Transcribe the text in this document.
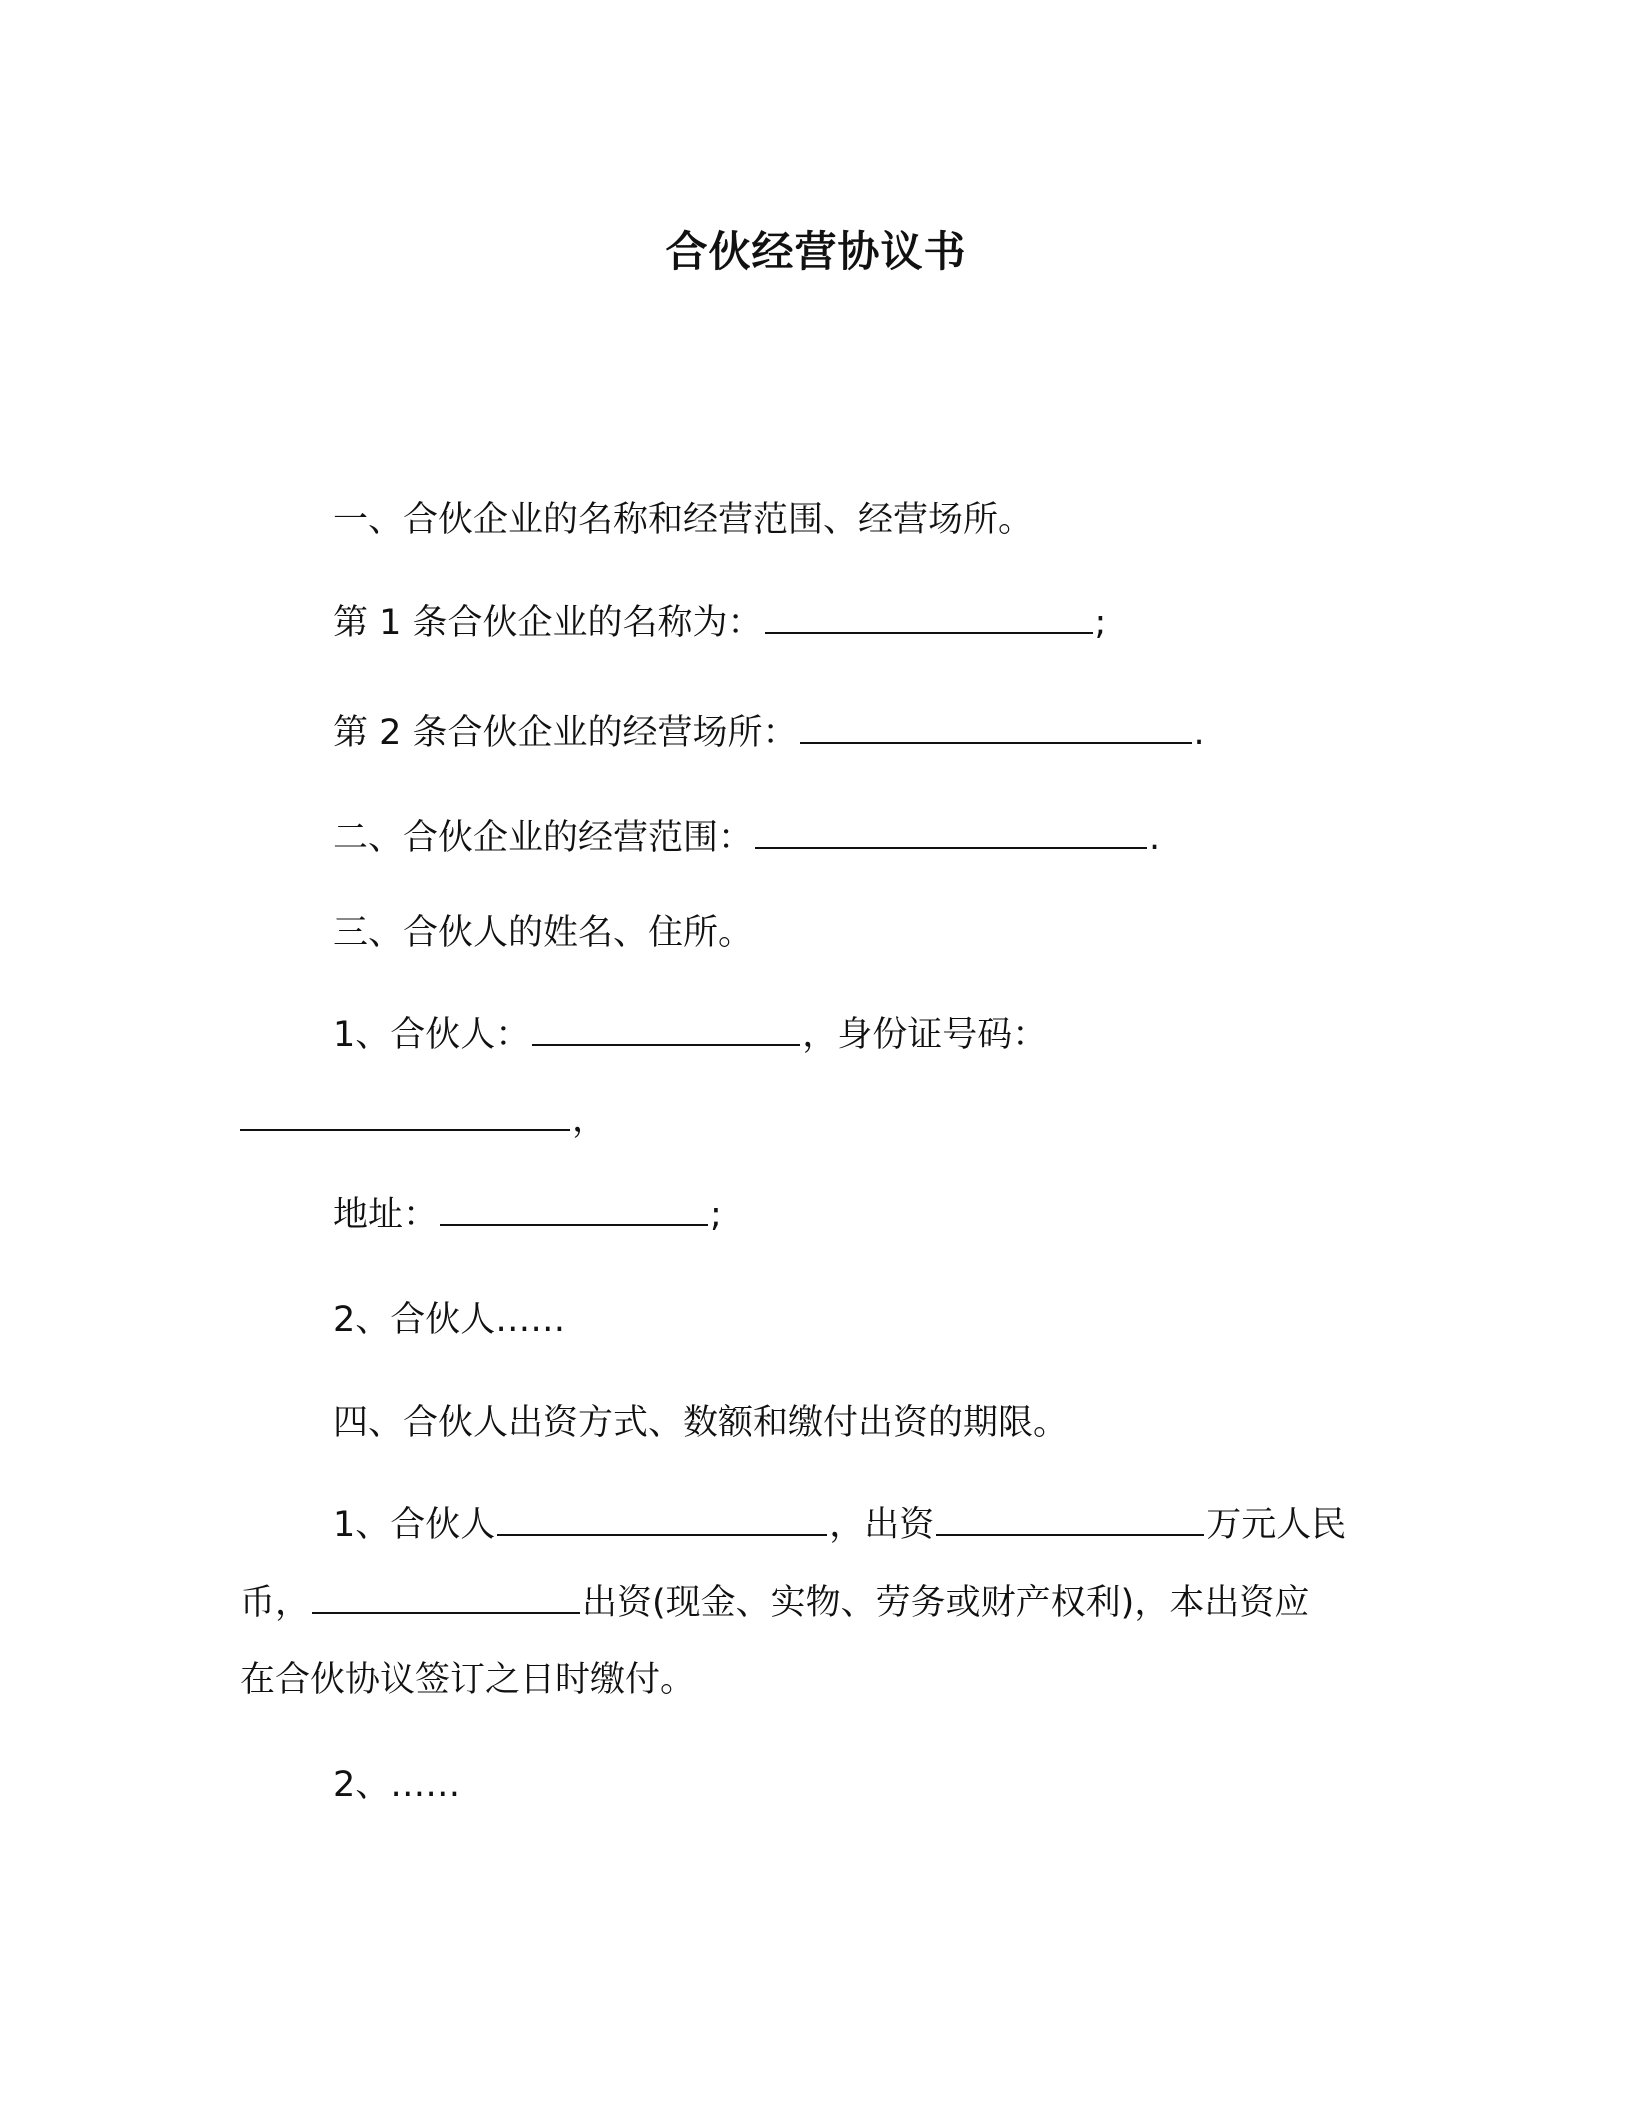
合伙经营协议书
一、合伙企业的名称和经营范围、经营场所。
第 1 条合伙企业的名称为：	;
第 2 条合伙企业的经营场所：	.
二、合伙企业的经营范围：	.
三、合伙人的姓名、住所。
1、合伙人：	，身份证号码：
，
地址：	;
2、合伙人……
四、合伙人出资方式、数额和缴付出资的期限。
1、合伙人	，出资	万元人民
币，	出资(现金、实物、劳务或财产权利)，本出资应
在合伙协议签订之日时缴付。
2、……
